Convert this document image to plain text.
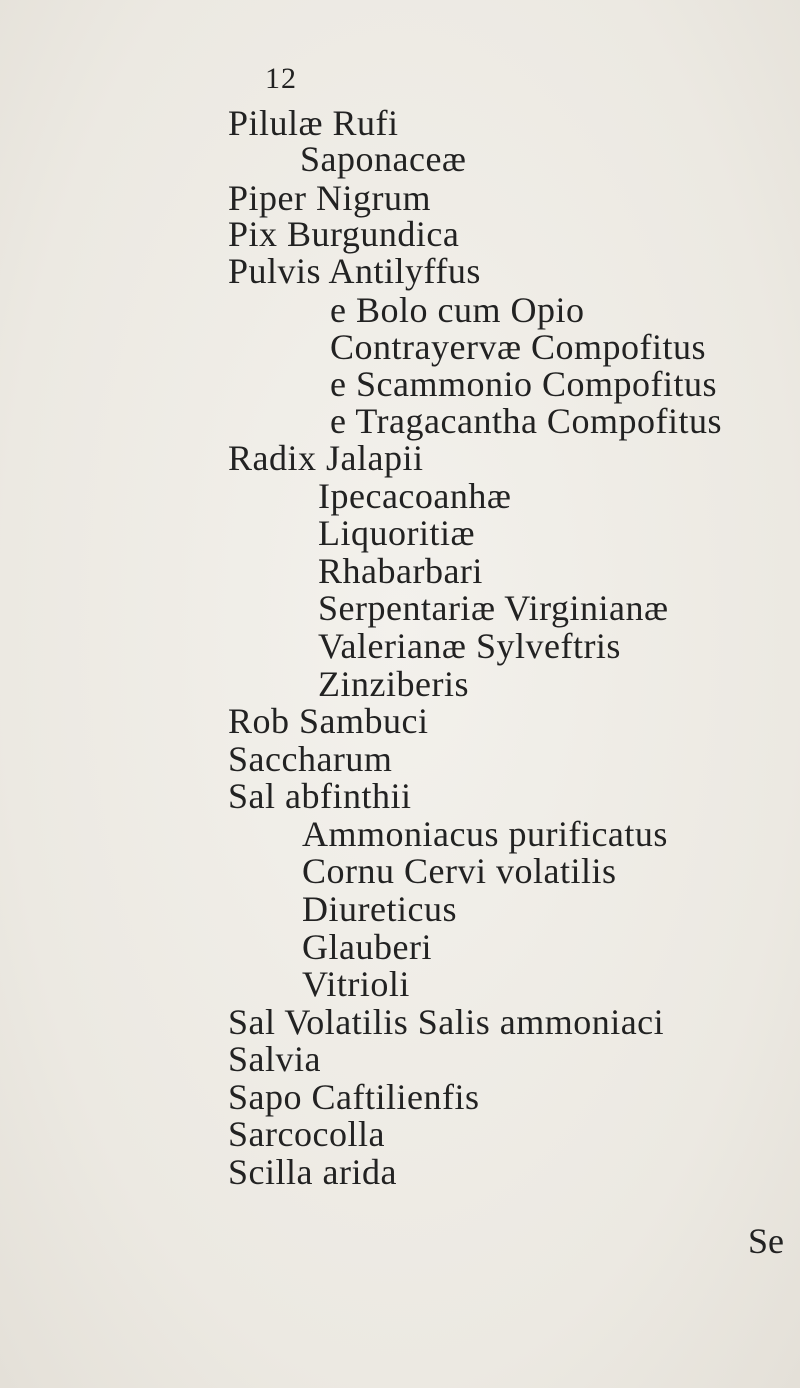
12
Pilulæ Rufi
Saponaceæ
Piper Nigrum
Pix Burgundica
Pulvis Antilyffus
e Bolo cum Opio
Contrayervæ Compofitus
e Scammonio Compofitus
e Tragacantha Compofitus
Radix Jalapii
Ipecacoanhæ
Liquoritiæ
Rhabarbari
Serpentariæ Virginianæ
Valerianæ Sylveftris
Zinziberis
Rob Sambuci
Saccharum
Sal abfinthii
Ammoniacus purificatus
Cornu Cervi volatilis
Diureticus
Glauberi
Vitrioli
Sal Volatilis Salis ammoniaci
Salvia
Sapo Caftilienfis
Sarcocolla
Scilla arida
Se
